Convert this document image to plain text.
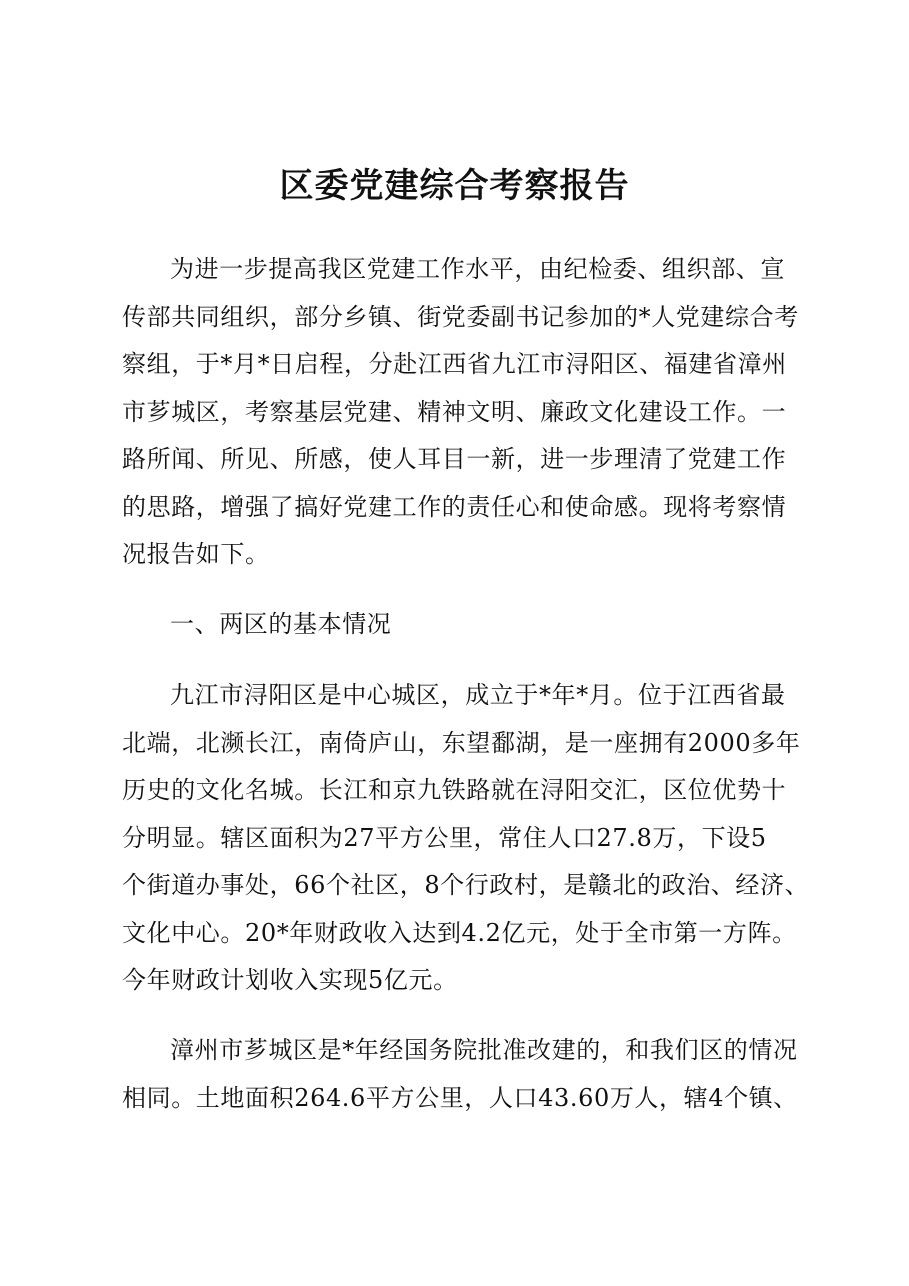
区委党建综合考察报告
为进一步提高我区党建工作水平，由纪检委、组织部、宣
传部共同组织，部分乡镇、街党委副书记参加的*人党建综合考
察组，于*月*日启程，分赴江西省九江市浔阳区、福建省漳州
市芗城区，考察基层党建、精神文明、廉政文化建设工作。一
路所闻、所见、所感，使人耳目一新，进一步理清了党建工作
的思路，增强了搞好党建工作的责任心和使命感。现将考察情
况报告如下。
一、两区的基本情况
九江市浔阳区是中心城区，成立于*年*月。位于江西省最
北端，北濒长江，南倚庐山，东望鄱湖，是一座拥有2000多年
历史的文化名城。长江和京九铁路就在浔阳交汇，区位优势十
分明显。辖区面积为27平方公里，常住人口27.8万，下设5
个街道办事处，66个社区，8个行政村，是赣北的政治、经济、
文化中心。20*年财政收入达到4.2亿元，处于全市第一方阵。
今年财政计划收入实现5亿元。
漳州市芗城区是*年经国务院批准改建的，和我们区的情况
相同。土地面积264.6平方公里，人口43.60万人，辖4个镇、
